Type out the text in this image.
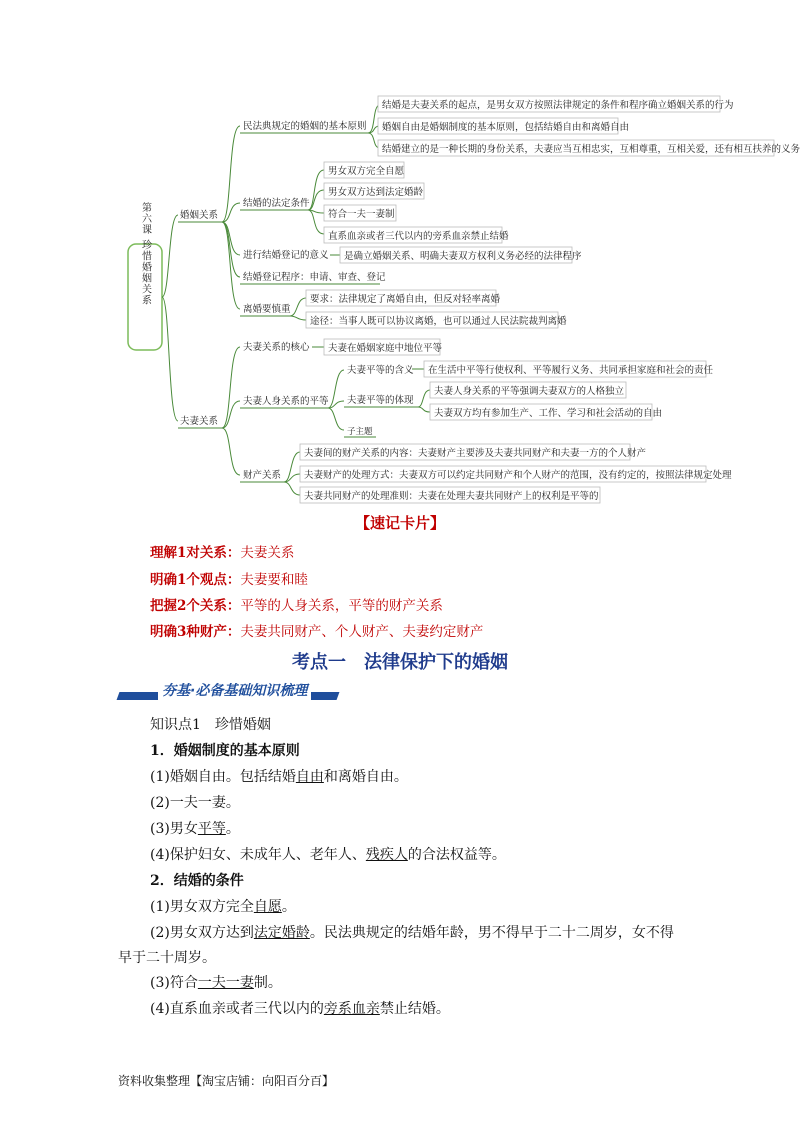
第六课 珍惜婚姻关系	婚姻关系
民法典规定的婚姻的基本原则
结婚是夫妻关系的起点，是男女双方按照法律规定的条件和程序确立婚姻关系的行为
婚姻自由是婚姻制度的基本原则，包括结婚自由和离婚自由
结婚建立的是一种长期的身份关系，夫妻应当互相忠实，互相尊重，互相关爱，还有相互扶养的义务
结婚的法定条件
男女双方完全自愿
男女双方达到法定婚龄
符合一夫一妻制
直系血亲或者三代以内的旁系血亲禁止结婚
进行结婚登记的意义 是确立婚姻关系、明确夫妻双方权利义务必经的法律程序
结婚登记程序：申请、审查、登记
离婚要慎重
要求：法律规定了离婚自由，但反对轻率离婚
途径：当事人既可以协议离婚，也可以通过人民法院裁判离婚
夫妻关系
夫妻关系的核心 夫妻在婚姻家庭中地位平等
夫妻人身关系的平等
夫妻平等的含义 在生活中平等行使权利、平等履行义务、共同承担家庭和社会的责任
夫妻平等的体现
夫妻人身关系的平等强调夫妻双方的人格独立
夫妻双方均有参加生产、工作、学习和社会活动的自由
子主题
财产关系
夫妻间的财产关系的内容：夫妻财产主要涉及夫妻共同财产和夫妻一方的个人财产
夫妻财产的处理方式：夫妻双方可以约定共同财产和个人财产的范围，没有约定的，按照法律规定处理
夫妻共同财产的处理准则：夫妻在处理夫妻共同财产上的权利是平等的
【速记卡片】
理解1对关系：夫妻关系
明确1个观点：夫妻要和睦
把握2个关系：平等的人身关系，平等的财产关系
明确3种财产：夫妻共同财产、个人财产、夫妻约定财产
考点一　法律保护下的婚姻
夯基·必备基础知识梳理
知识点1　珍惜婚姻
1．婚姻制度的基本原则
(1)婚姻自由。包括结婚自由和离婚自由。
(2)一夫一妻。
(3)男女平等。
(4)保护妇女、未成年人、老年人、残疾人的合法权益等。
2．结婚的条件
(1)男女双方完全自愿。
(2)男女双方达到法定婚龄。民法典规定的结婚年龄，男不得早于二十二周岁，女不得
早于二十周岁。
(3)符合一夫一妻制。
(4)直系血亲或者三代以内的旁系血亲禁止结婚。
资料收集整理【淘宝店铺：向阳百分百】
